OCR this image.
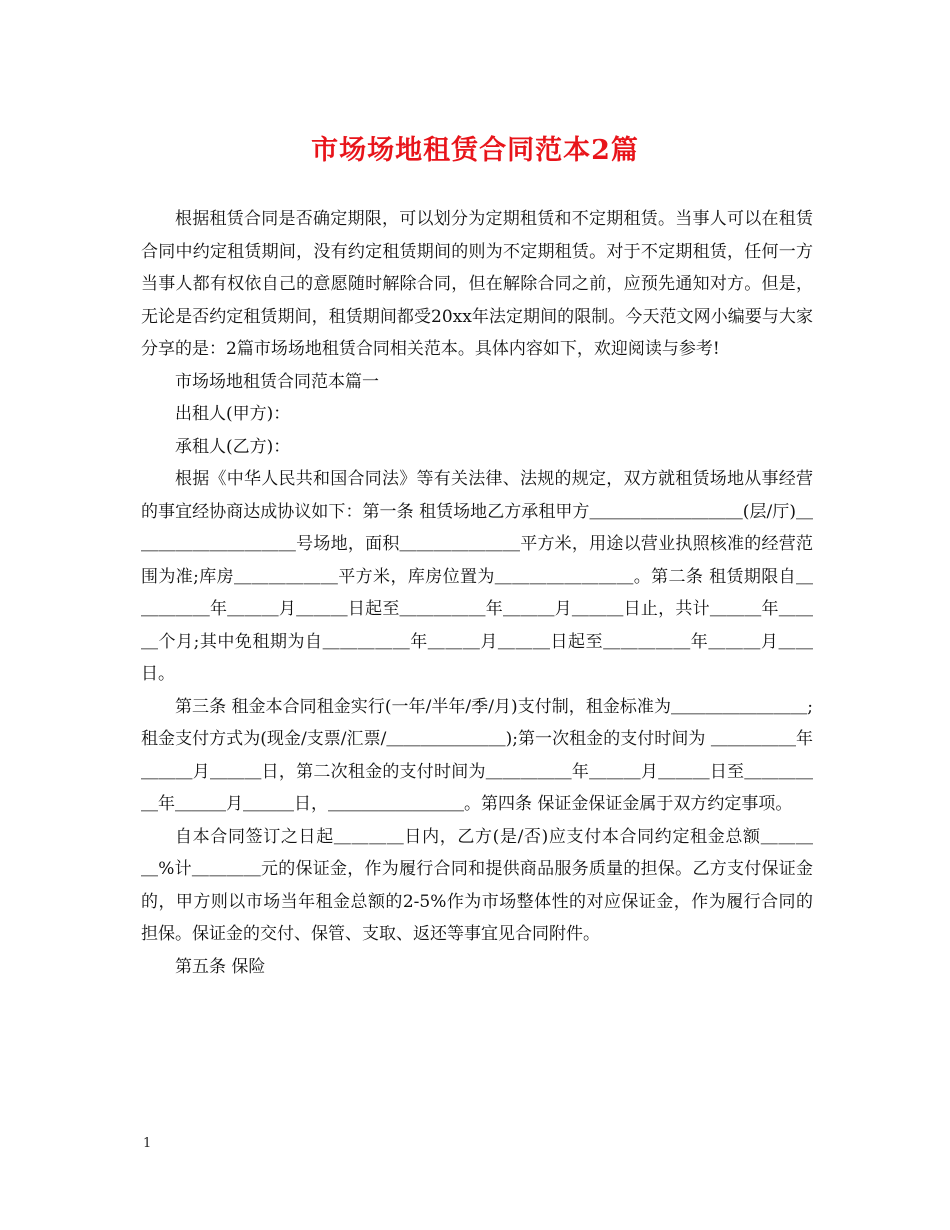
市场场地租赁合同范本2篇

根据租赁合同是否确定期限，可以划分为定期租赁和不定期租赁。当事人可以在租赁合同中约定租赁期间，没有约定租赁期间的则为不定期租赁。对于不定期租赁，任何一方当事人都有权依自己的意愿随时解除合同，但在解除合同之前，应预先通知对方。但是，无论是否约定租赁期间，租赁期间都受20xx年法定期间的限制。今天范文网小编要与大家分享的是：2篇市场场地租赁合同相关范本。具体内容如下，欢迎阅读与参考!

市场场地租赁合同范本篇一

出租人(甲方)：

承租人(乙方)：

根据《中华人民共和国合同法》等有关法律、法规的规定，双方就租赁场地从事经营的事宜经协商达成协议如下：第一条 租赁场地乙方承租甲方＿＿＿＿＿＿＿＿＿(层/厅)＿＿＿＿＿＿＿＿＿＿号场地，面积＿＿＿＿＿＿＿平方米，用途以营业执照核准的经营范围为准;库房＿＿＿＿＿＿平方米，库房位置为＿＿＿＿＿＿＿＿。第二条 租赁期限自＿＿＿＿＿年＿＿＿月＿＿＿日起至＿＿＿＿＿年＿＿＿月＿＿＿日止，共计＿＿＿年＿＿＿个月;其中免租期为自＿＿＿＿＿年＿＿＿月＿＿＿日起至＿＿＿＿＿年＿＿＿月＿＿ 日。

第三条 租金本合同租金实行(一年/半年/季/月)支付制，租金标准为＿＿＿＿＿＿＿＿;租金支付方式为(现金/支票/汇票/＿＿＿＿＿＿＿);第一次租金的支付时间为 ＿＿＿＿＿年＿＿＿月＿＿＿日，第二次租金的支付时间为＿＿＿＿＿年＿＿＿月＿＿＿日至＿＿＿＿＿年＿＿＿月＿＿＿日，＿＿＿＿＿＿＿＿。第四条 保证金保证金属于双方约定事项。

自本合同签订之日起＿＿＿＿日内，乙方(是/否)应支付本合同约定租金总额＿＿＿＿%计＿＿＿＿元的保证金，作为履行合同和提供商品服务质量的担保。乙方支付保证金的，甲方则以市场当年租金总额的2-5%作为市场整体性的对应保证金，作为履行合同的担保。保证金的交付、保管、支取、返还等事宜见合同附件。

第五条 保险

1
